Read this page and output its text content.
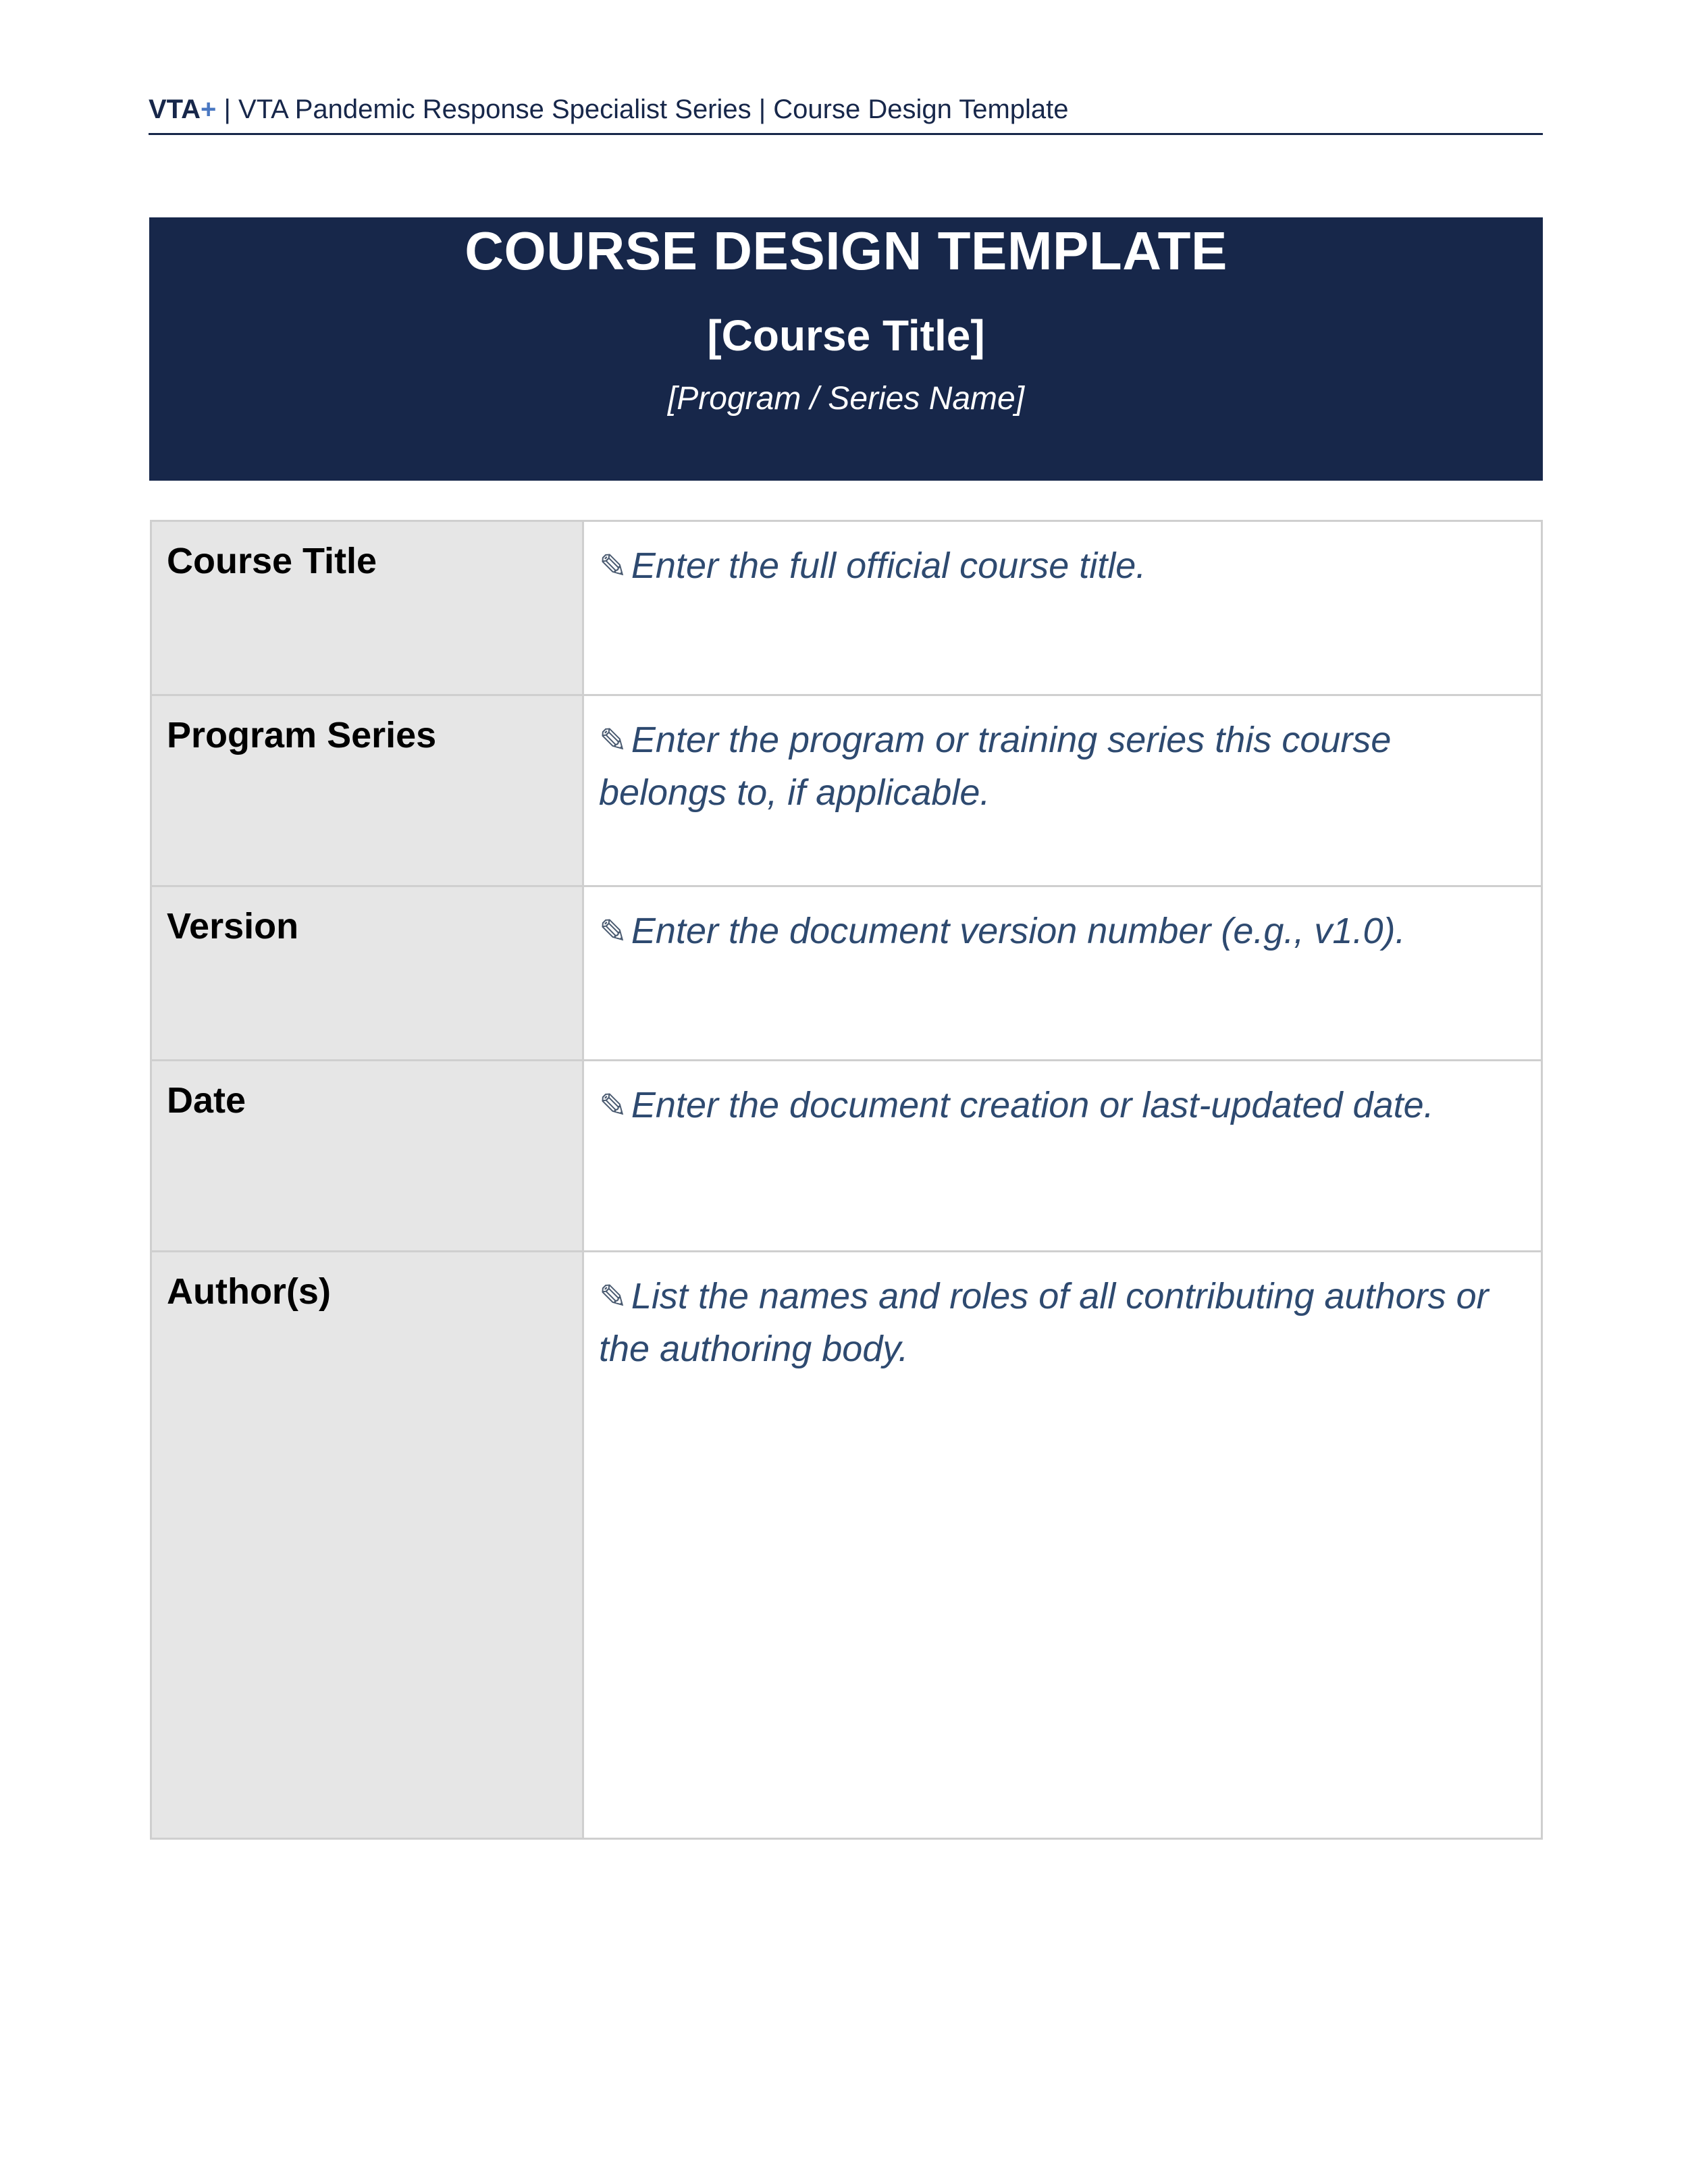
VTA+ | VTA Pandemic Response Specialist Series | Course Design Template
COURSE DESIGN TEMPLATE
[Course Title]
[Program / Series Name]
Course Title	✎ Enter the full official course title.
Program Series	✎ Enter the program or training series this course belongs to, if applicable.
Version	✎ Enter the document version number (e.g., v1.0).
Date	✎ Enter the document creation or last-updated date.
Author(s)	✎ List the names and roles of all contributing authors or the authoring body.
